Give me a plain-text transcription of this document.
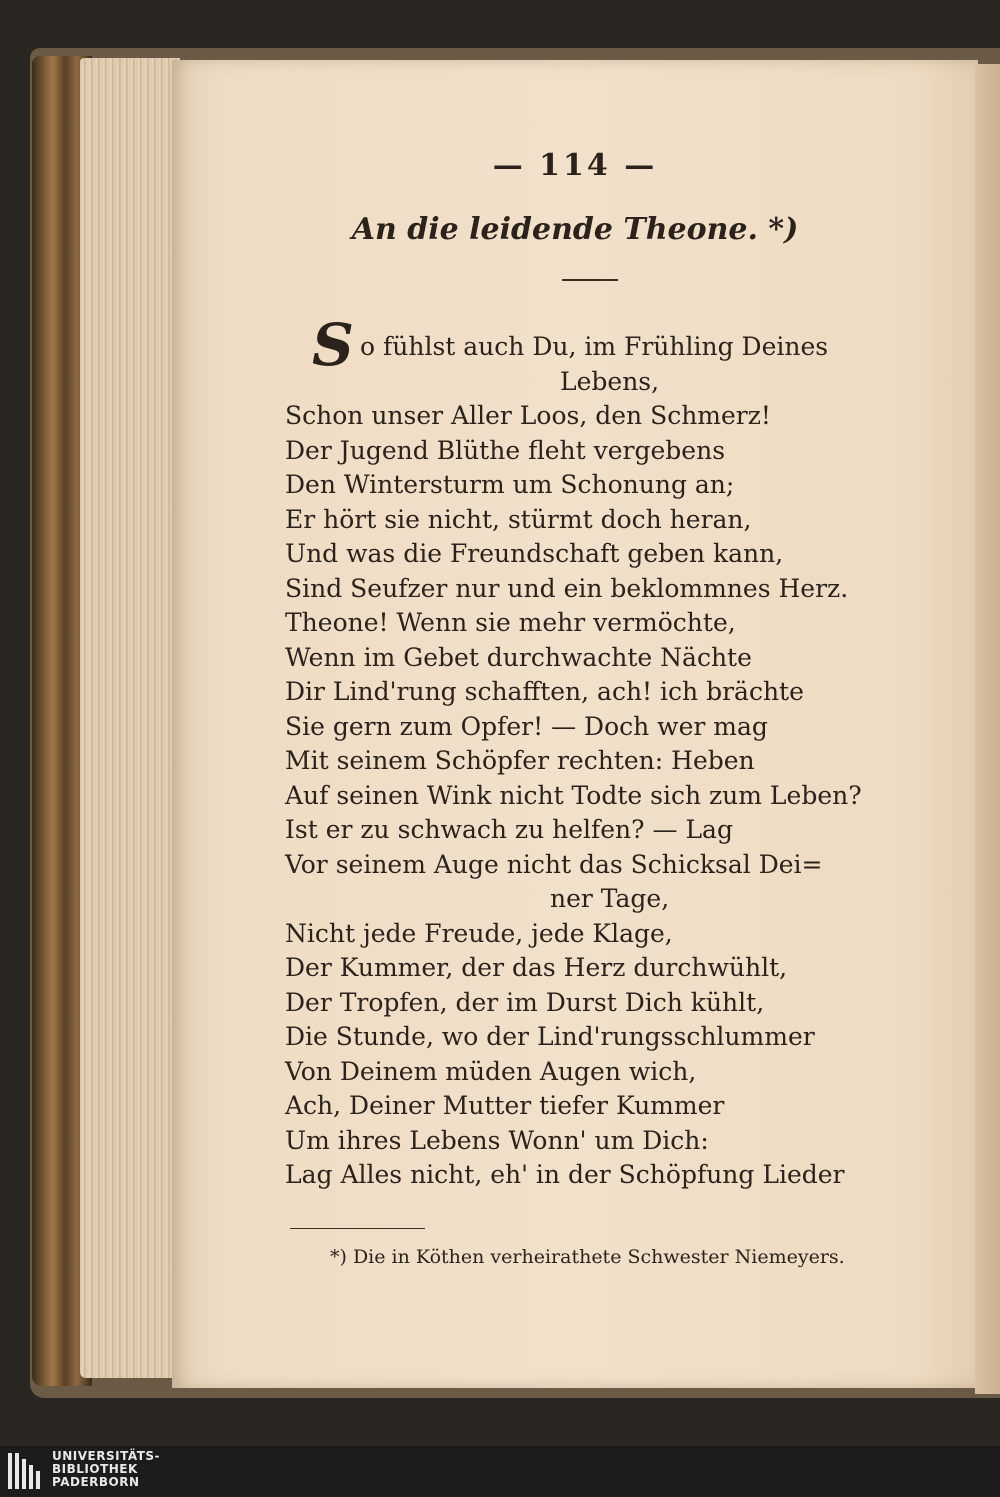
— 114 —
An die leidende Theone. *)
S o fühlst auch Du, im Frühling Deines
Lebens,
Schon unser Aller Loos, den Schmerz!
Der Jugend Blüthe fleht vergebens
Den Wintersturm um Schonung an;
Er hört sie nicht, stürmt doch heran,
Und was die Freundschaft geben kann,
Sind Seufzer nur und ein beklommnes Herz.
Theone! Wenn sie mehr vermöchte,
Wenn im Gebet durchwachte Nächte
Dir Lind'rung schafften, ach! ich brächte
Sie gern zum Opfer! — Doch wer mag
Mit seinem Schöpfer rechten: Heben
Auf seinen Wink nicht Todte sich zum Leben?
Ist er zu schwach zu helfen? — Lag
Vor seinem Auge nicht das Schicksal Dei=
ner Tage,
Nicht jede Freude, jede Klage,
Der Kummer, der das Herz durchwühlt,
Der Tropfen, der im Durst Dich kühlt,
Die Stunde, wo der Lind'rungsschlummer
Von Deinem müden Augen wich,
Ach, Deiner Mutter tiefer Kummer
Um ihres Lebens Wonn' um Dich:
Lag Alles nicht, eh' in der Schöpfung Lieder
*) Die in Köthen verheirathete Schwester Niemeyers.
UNIVERSITÄTS-
BIBLIOTHEK
PADERBORN
